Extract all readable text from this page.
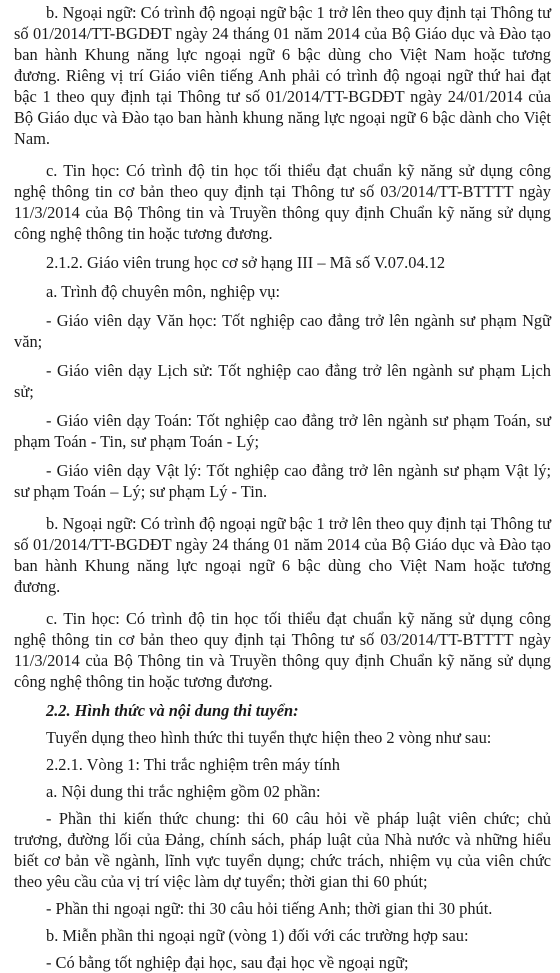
b. Ngoại ngữ: Có trình độ ngoại ngữ bậc 1 trở lên theo quy định tại Thông tư số 01/2014/TT-BGDĐT ngày 24 tháng 01 năm 2014 của Bộ Giáo dục và Đào tạo ban hành Khung năng lực ngoại ngữ 6 bậc dùng cho Việt Nam hoặc tương đương. Riêng vị trí Giáo viên tiếng Anh phải có trình độ ngoại ngữ thứ hai đạt bậc 1 theo quy định tại Thông tư số 01/2014/TT-BGDĐT ngày 24/01/2014 của Bộ Giáo dục và Đào tạo ban hành khung năng lực ngoại ngữ 6 bậc dành cho Việt Nam.

c. Tin học: Có trình độ tin học tối thiểu đạt chuẩn kỹ năng sử dụng công nghệ thông tin cơ bản theo quy định tại Thông tư số 03/2014/TT-BTTTT ngày 11/3/2014 của Bộ Thông tin và Truyền thông quy định Chuẩn kỹ năng sử dụng công nghệ thông tin hoặc tương đương.

2.1.2. Giáo viên trung học cơ sở hạng III – Mã số V.07.04.12

a. Trình độ chuyên môn, nghiệp vụ:

- Giáo viên dạy Văn học: Tốt nghiệp cao đẳng trở lên ngành sư phạm Ngữ văn;

- Giáo viên dạy Lịch sử: Tốt nghiệp cao đẳng trở lên ngành sư phạm Lịch sử;

- Giáo viên dạy Toán: Tốt nghiệp cao đẳng trở lên ngành sư phạm Toán, sư phạm Toán - Tin, sư phạm Toán - Lý;

- Giáo viên dạy Vật lý: Tốt nghiệp cao đẳng trở lên ngành sư phạm Vật lý; sư phạm Toán – Lý; sư phạm Lý - Tin.

b. Ngoại ngữ: Có trình độ ngoại ngữ bậc 1 trở lên theo quy định tại Thông tư số 01/2014/TT-BGDĐT ngày 24 tháng 01 năm 2014 của Bộ Giáo dục và Đào tạo ban hành Khung năng lực ngoại ngữ 6 bậc dùng cho Việt Nam hoặc tương đương.

c. Tin học: Có trình độ tin học tối thiểu đạt chuẩn kỹ năng sử dụng công nghệ thông tin cơ bản theo quy định tại Thông tư số 03/2014/TT-BTTTT ngày 11/3/2014 của Bộ Thông tin và Truyền thông quy định Chuẩn kỹ năng sử dụng công nghệ thông tin hoặc tương đương.

2.2. Hình thức và nội dung thi tuyển:

Tuyển dụng theo hình thức thi tuyển thực hiện theo 2 vòng như sau:

2.2.1. Vòng 1: Thi trắc nghiệm trên máy tính

a. Nội dung thi trắc nghiệm gồm 02 phần:

- Phần thi kiến thức chung: thi 60 câu hỏi về pháp luật viên chức; chủ trương, đường lối của Đảng, chính sách, pháp luật của Nhà nước và những hiểu biết cơ bản về ngành, lĩnh vực tuyển dụng; chức trách, nhiệm vụ của viên chức theo yêu cầu của vị trí việc làm dự tuyển; thời gian thi 60 phút;

- Phần thi ngoại ngữ: thi 30 câu hỏi tiếng Anh; thời gian thi 30 phút.

b. Miễn phần thi ngoại ngữ (vòng 1) đối với các trường hợp sau:

- Có bằng tốt nghiệp đại học, sau đại học về ngoại ngữ;
